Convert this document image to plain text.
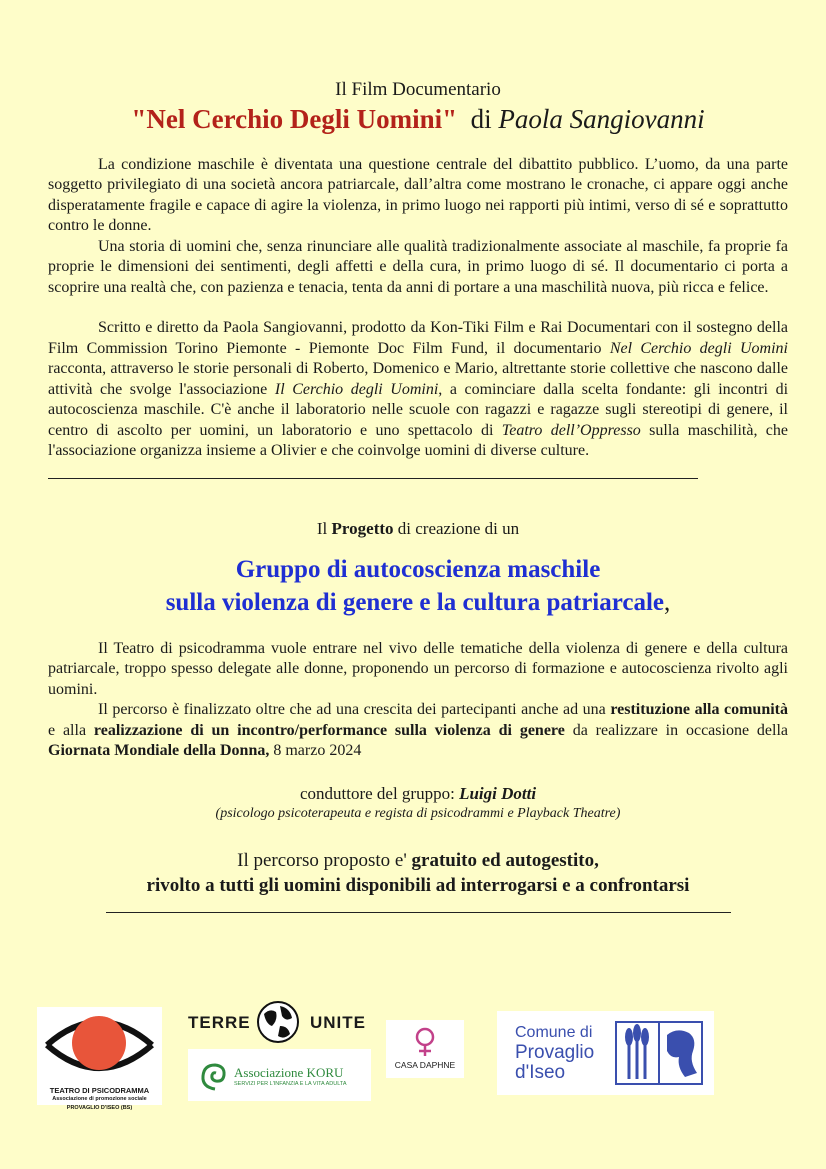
Il Film Documentario

"Nel Cerchio Degli Uomini" di Paola Sangiovanni

La condizione maschile è diventata una questione centrale del dibattito pubblico. L’uomo, da una parte soggetto privilegiato di una società ancora patriarcale, dall’altra come mostrano le cronache, ci appare oggi anche disperatamente fragile e capace di agire la violenza, in primo luogo nei rapporti più intimi, verso di sé e soprattutto contro le donne.

Una storia di uomini che, senza rinunciare alle qualità tradizionalmente associate al maschile, fa proprie fa proprie le dimensioni dei sentimenti, degli affetti e della cura, in primo luogo di sé. Il documentario ci porta a scoprire una realtà che, con pazienza e tenacia, tenta da anni di portare a una maschilità nuova, più ricca e felice.

Scritto e diretto da Paola Sangiovanni, prodotto da Kon-Tiki Film e Rai Documentari con il sostegno della Film Commission Torino Piemonte - Piemonte Doc Film Fund, il documentario Nel Cerchio degli Uomini racconta, attraverso le storie personali di Roberto, Domenico e Mario, altrettante storie collettive che nascono dalle attività che svolge l'associazione Il Cerchio degli Uomini, a cominciare dalla scelta fondante: gli incontri di autocoscienza maschile. C'è anche il laboratorio nelle scuole con ragazzi e ragazze sugli stereotipi di genere, il centro di ascolto per uomini, un laboratorio e uno spettacolo di Teatro dell’Oppresso sulla maschilità, che l'associazione organizza insieme a Olivier e che coinvolge uomini di diverse culture.

Il Progetto di creazione di un
Gruppo di autocoscienza maschile
sulla violenza di genere e la cultura patriarcale,

Il Teatro di psicodramma vuole entrare nel vivo delle tematiche della violenza di genere e della cultura patriarcale, troppo spesso delegate alle donne, proponendo un percorso di formazione e autocoscienza rivolto agli uomini.

Il percorso è finalizzato oltre che ad una crescita dei partecipanti anche ad una restituzione alla comunità e alla realizzazione di un incontro/performance sulla violenza di genere da realizzare in occasione della Giornata Mondiale della Donna, 8 marzo 2024

conduttore del gruppo: Luigi Dotti
(psicologo psicoterapeuta e regista di psicodrammi e Playback Theatre)
Il percorso proposto e' gratuito ed autogestito,
rivolto a tutti gli uomini disponibili ad interrogarsi e a confrontarsi
TEATRO DI PSICODRAMMA
Associazione di promozione sociale
PROVAGLIO D'ISEO (BS)
TERRE	UNITE
Associazione KORU
SERVIZI PER L'INFANZIA E LA VITA ADULTA
CASA DAPHNE
Comune di
Provaglio
d'Iseo
